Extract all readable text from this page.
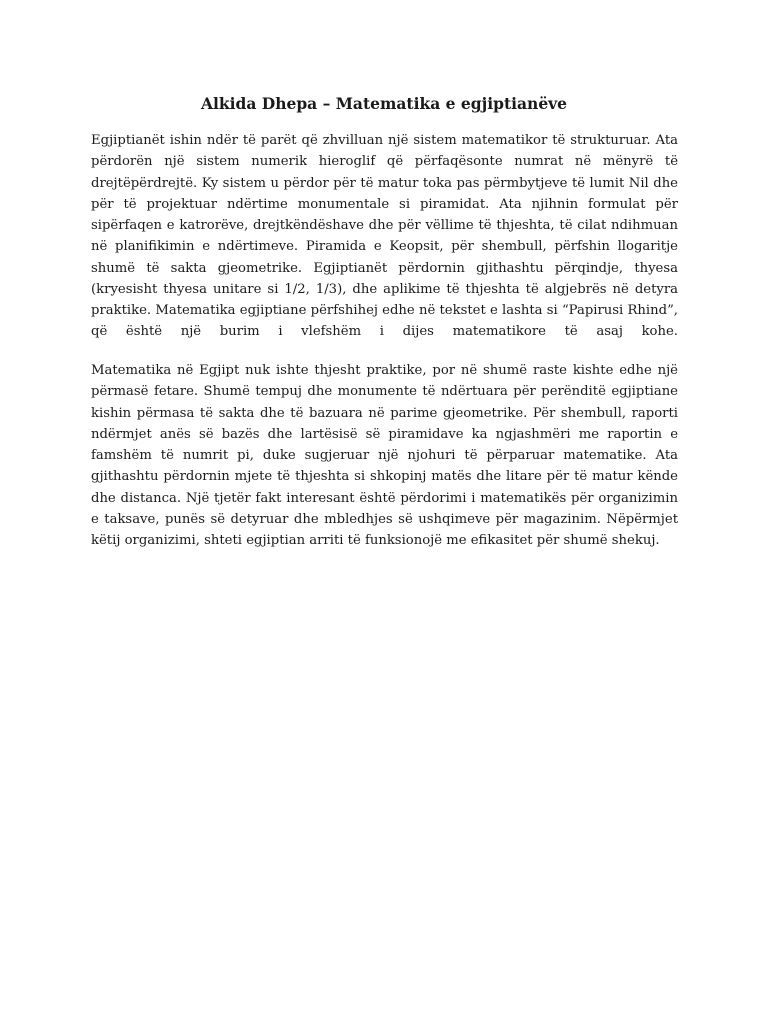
Alkida Dhepa – Matematika e egjiptianëve

Egjiptianët ishin ndër të parët që zhvilluan një sistem matematikor të strukturuar. Ata përdorën një sistem numerik hieroglif që përfaqësonte numrat në mënyrë të drejtëpërdrejtë. Ky sistem u përdor për të matur toka pas përmbytjeve të lumit Nil dhe për të projektuar ndërtime monumentale si piramidat. Ata njihnin formulat për sipërfaqen e katrorëve, drejtkëndëshave dhe për vëllime të thjeshta, të cilat ndihmuan në planifikimin e ndërtimeve. Piramida e Keopsit, për shembull, përfshin llogaritje shumë të sakta gjeometrike. Egjiptianët përdornin gjithashtu përqindje, thyesa (kryesisht thyesa unitare si 1/2, 1/3), dhe aplikime të thjeshta të algjebrës në detyra praktike. Matematika egjiptiane përfshihej edhe në tekstet e lashta si “Papirusi Rhind”, që është një burim i vlefshëm i dijes matematikore të asaj kohe.

Matematika në Egjipt nuk ishte thjesht praktike, por në shumë raste kishte edhe një përmasë fetare. Shumë tempuj dhe monumente të ndërtuara për perënditë egjiptiane kishin përmasa të sakta dhe të bazuara në parime gjeometrike. Për shembull, raporti ndërmjet anës së bazës dhe lartësisë së piramidave ka ngjashmëri me raportin e famshëm të numrit pi, duke sugjeruar një njohuri të përparuar matematike. Ata gjithashtu përdornin mjete të thjeshta si shkopinj matës dhe litare për të matur kënde dhe distanca. Një tjetër fakt interesant është përdorimi i matematikës për organizimin e taksave, punës së detyruar dhe mbledhjes së ushqimeve për magazinim. Nëpërmjet këtij organizimi, shteti egjiptian arriti të funksionojë me efikasitet për shumë shekuj.
